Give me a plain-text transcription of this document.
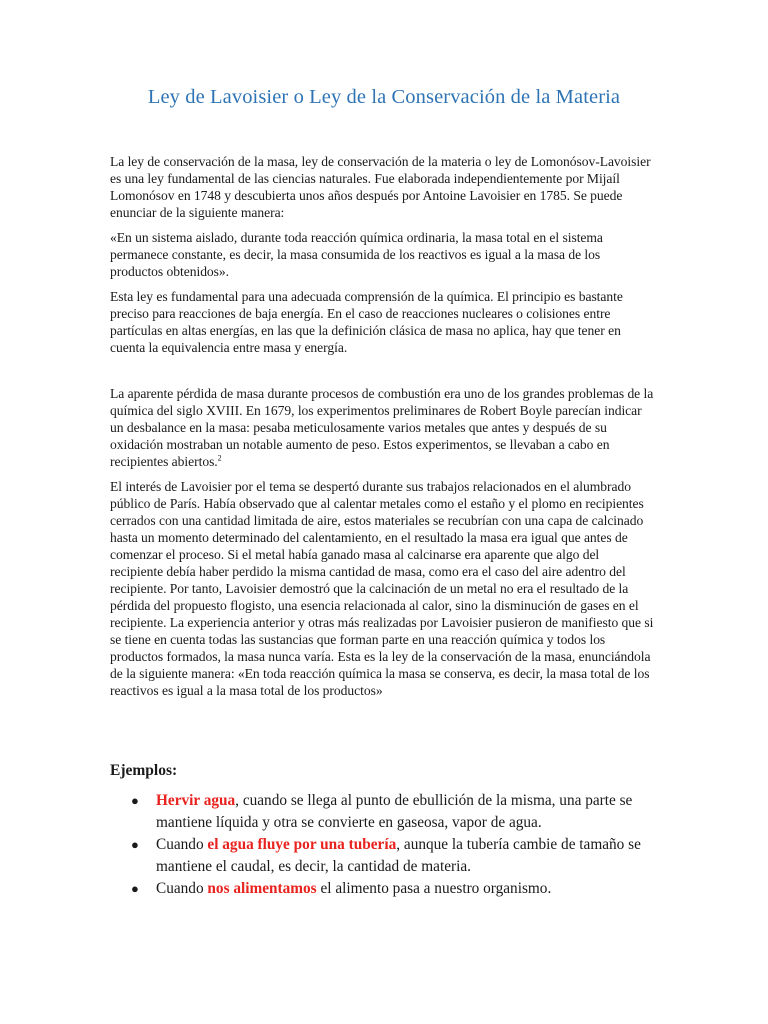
Ley de Lavoisier o Ley de la Conservación de la Materia

La ley de conservación de la masa, ley de conservación de la materia o ley de Lomonósov-Lavoisier es una ley fundamental de las ciencias naturales. Fue elaborada independientemente por Mijaíl Lomonósov en 1748 y descubierta unos años después por Antoine Lavoisier en 1785. Se puede enunciar de la siguiente manera:

«En un sistema aislado, durante toda reacción química ordinaria, la masa total en el sistema permanece constante, es decir, la masa consumida de los reactivos es igual a la masa de los productos obtenidos».

Esta ley es fundamental para una adecuada comprensión de la química. El principio es bastante preciso para reacciones de baja energía. En el caso de reacciones nucleares o colisiones entre partículas en altas energías, en las que la definición clásica de masa no aplica, hay que tener en cuenta la equivalencia entre masa y energía.

La aparente pérdida de masa durante procesos de combustión era uno de los grandes problemas de la química del siglo XVIII. En 1679, los experimentos preliminares de Robert Boyle parecían indicar un desbalance en la masa: pesaba meticulosamente varios metales que antes y después de su oxidación mostraban un notable aumento de peso. Estos experimentos, se llevaban a cabo en recipientes abiertos.$^2$

El interés de Lavoisier por el tema se despertó durante sus trabajos relacionados en el alumbrado público de París. Había observado que al calentar metales como el estaño y el plomo en recipientes cerrados con una cantidad limitada de aire, estos materiales se recubrían con una capa de calcinado hasta un momento determinado del calentamiento, en el resultado la masa era igual que antes de comenzar el proceso. Si el metal había ganado masa al calcinarse era aparente que algo del recipiente debía haber perdido la misma cantidad de masa, como era el caso del aire adentro del recipiente. Por tanto, Lavoisier demostró que la calcinación de un metal no era el resultado de la pérdida del propuesto flogisto, una esencia relacionada al calor, sino la disminución de gases en el recipiente. La experiencia anterior y otras más realizadas por Lavoisier pusieron de manifiesto que si se tiene en cuenta todas las sustancias que forman parte en una reacción química y todos los productos formados, la masa nunca varía. Esta es la ley de la conservación de la masa, enunciándola de la siguiente manera: «En toda reacción química la masa se conserva, es decir, la masa total de los reactivos es igual a la masa total de los productos»

Ejemplos:
● Hervir agua, cuando se llega al punto de ebullición de la misma, una parte se mantiene líquida y otra se convierte en gaseosa, vapor de agua.
● Cuando el agua fluye por una tubería, aunque la tubería cambie de tamaño se mantiene el caudal, es decir, la cantidad de materia.
● Cuando nos alimentamos el alimento pasa a nuestro organismo.
